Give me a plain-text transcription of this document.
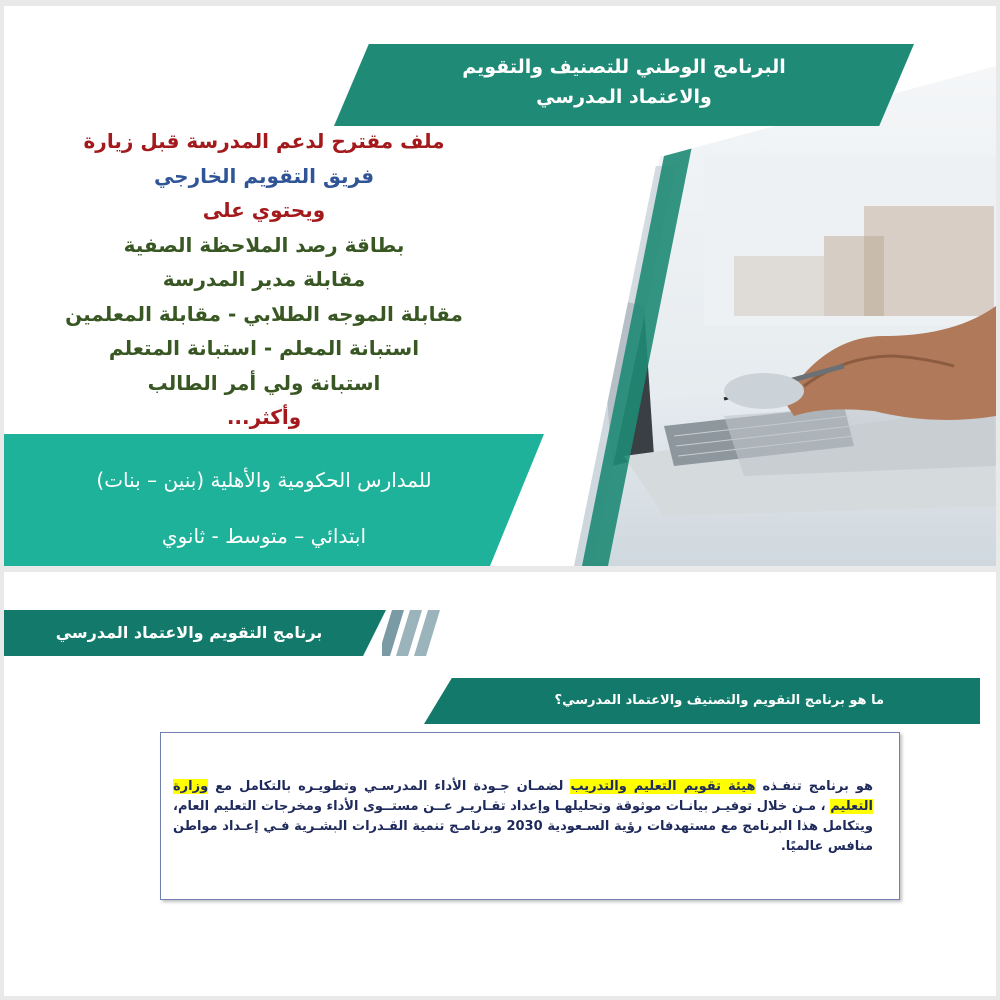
البرنامج الوطني للتصنيف والتقويم
والاعتماد المدرسي
ملف مقترح لدعم المدرسة قبل زيارة
فريق التقويم الخارجي
ويحتوي على
بطاقة رصد الملاحظة الصفية
مقابلة مدير المدرسة
مقابلة الموجه الطلابي - مقابلة المعلمين
استبانة المعلم - استبانة المتعلم
استبانة ولي أمر الطالب
وأكثر...
للمدارس الحكومية والأهلية (بنين – بنات)
ابتدائي – متوسط - ثانوي
برنامج التقويم والاعتماد المدرسي
ما هو برنامج التقويم والتصنيف والاعتماد المدرسي؟
هو برنامج تنفـذه هيئة تقويم التعليم والتدريب لضمـان جـودة الأداء المدرسـي وتطويـره بالتكامل مع وزارة التعليم ، مـن خلال توفيـر بيانـات موثوقة وتحليلهـا وإعداد تقـاريـر عــن مستــوى الأداء ومخرجات التعليم العام، ويتكامل هذا البرنامج مع مستهدفات رؤية السـعودية 2030 وبرنامـج تنمية القـدرات البشـرية فـي إعـداد مواطن منافس عالميًا.
